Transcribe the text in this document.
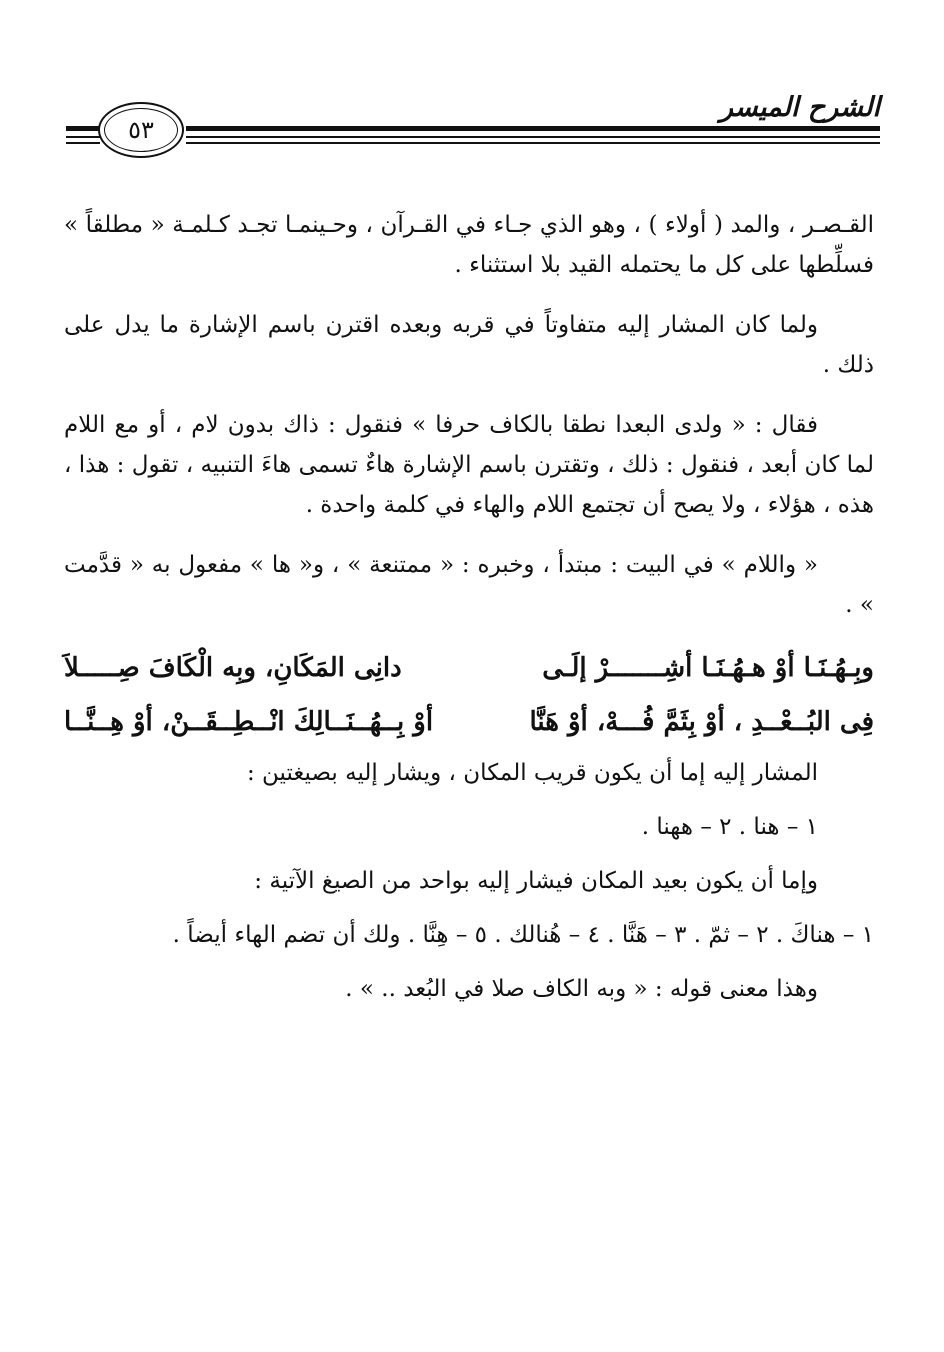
الشرح الميسر
٥٣

القـصـر ، والمد ( أولاء ) ، وهو الذي جـاء في القـرآن ، وحـينمـا تجـد كـلمـة « مطلقاً » فسلِّطها على كل ما يحتمله القيد بلا استثناء .

ولما كان المشار إليه متفاوتاً في قربه وبعده اقترن باسم الإشارة ما يدل على ذلك .

فقال : « ولدى البعدا نطقا بالكاف حرفا » فنقول : ذاك بدون لام ، أو مع اللام لما كان أبعد ، فنقول : ذلك ، وتقترن باسم الإشارة هاءٌ تسمى هاءَ التنبيه ، تقول : هذا ، هذه ، هؤلاء ، ولا يصح أن تجتمع اللام والهاء في كلمة واحدة .

« واللام » في البيت : مبتدأ ، وخبره : « ممتنعة » ، و« ها » مفعول به « قدَّمت » .

وبِـهُـنَـا أوْ هـهُـنَـا أشِـــــــرْ إلَـى
دانِى المَكَانِ، وبِه الْكَافَ صِـــــلاَ
فِى البُــعْــدِ ، أوْ بِثَمَّ فُـــهْ، أوْ هَنَّا
أوْ بِــهُــنَــالِكَ انْــطِــقَــنْ، أوْ هِــنَّــا

المشار إليه إما أن يكون قريب المكان ، ويشار إليه بصيغتين :

١ – هنا . ٢ – ههنا .

وإما أن يكون بعيد المكان فيشار إليه بواحد من الصيغ الآتية :

١ – هناكَ . ٢ – ثمّ . ٣ – هَنَّا . ٤ – هُنالك . ٥ – هِنَّا . ولك أن تضم الهاء أيضاً .

وهذا معنى قوله : « وبه الكاف صلا في البُعد .. » .
